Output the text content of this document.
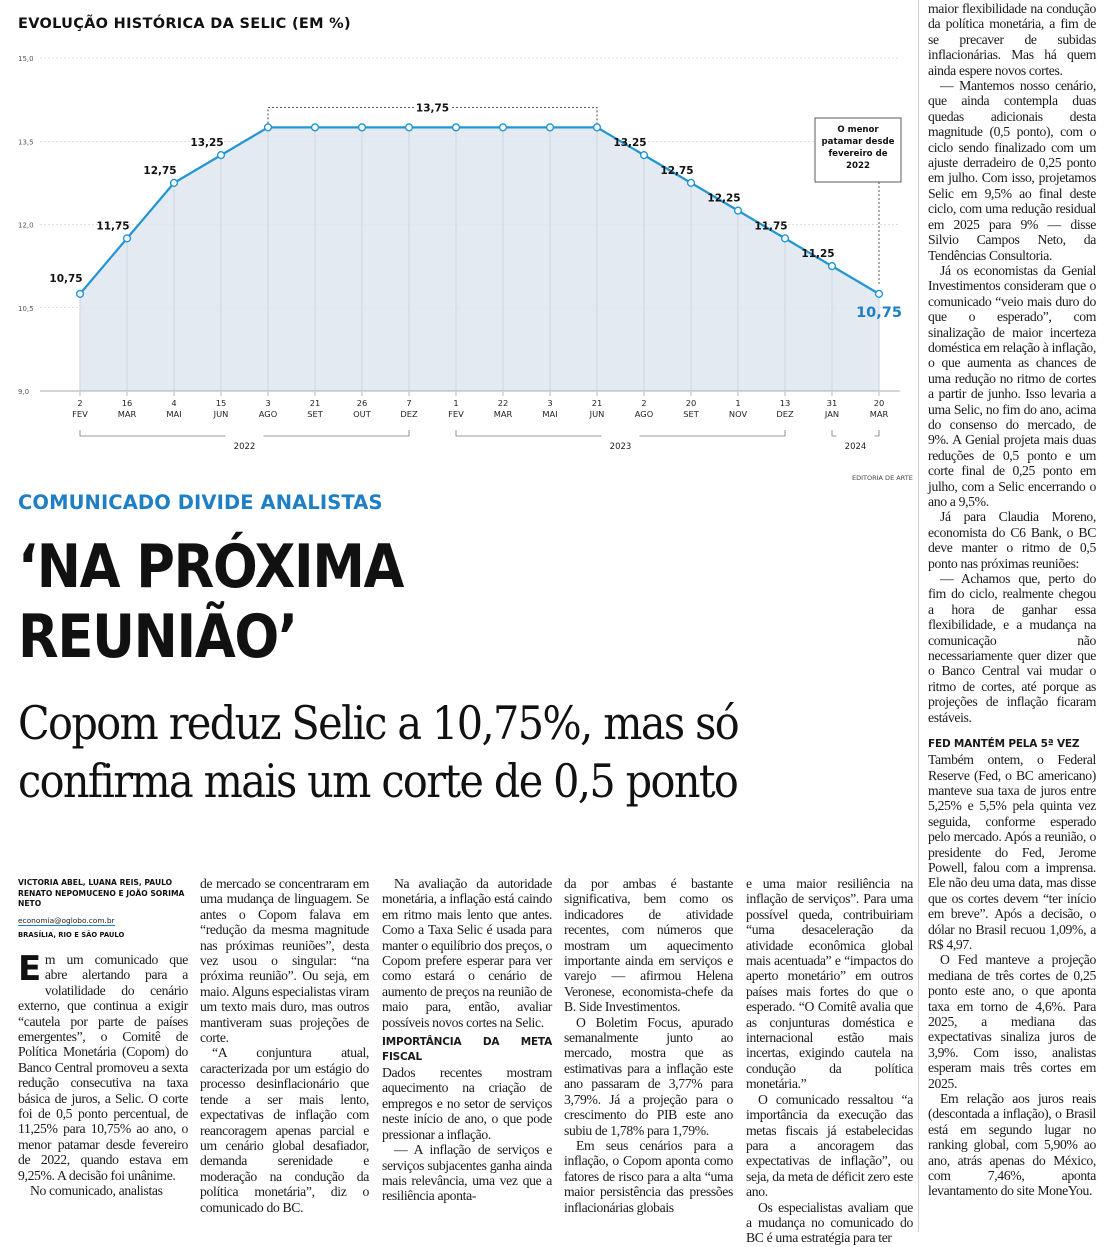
EVOLUÇÃO HISTÓRICA DA SELIC (EM %)
15,0
13,5
12,0
10,5
9,0
10,75
2
FEV
11,75
16
MAR
12,75
4
MAI
13,25
15
JUN
3
AGO
21
SET
26
OUT
7
DEZ
1
FEV
22
MAR
3
MAI
21
JUN
13,25
2
AGO
12,75
20
SET
12,25
1
NOV
11,75
13
DEZ
11,25
31
JAN
10,75
20
MAR
13,75
2022	2023	2024
O menor
patamar desde
fevereiro de
2022
EDITORIA DE ARTE
COMUNICADO DIVIDE ANALISTAS
‘NA PRÓXIMA
REUNIÃO’
Copom reduz Selic a 10,75%, mas só
confirma mais um corte de 0,5 ponto
VICTORIA ABEL, LUANA REIS, PAULO RENATO NEPOMUCENO E JOÃO SORIMA NETO
economia@oglobo.com.br
BRASÍLIA, RIO E SÃO PAULO

Em um comunicado que abre alertando para a volatilidade do cenário externo, que continua a exigir “cautela por parte de países emergentes”, o Comitê de Política Monetária (Copom) do Banco Central promoveu a sexta redução consecutiva na taxa básica de juros, a Selic. O corte foi de 0,5 ponto percentual, de 11,25% para 10,75% ao ano, o menor patamar desde fevereiro de 2022, quando estava em 9,25%. A decisão foi unânime.

No comunicado, analistas

de mercado se concentraram em uma mudança de linguagem. Se antes o Copom falava em “redução da mesma magnitude nas próximas reuniões”, desta vez usou o singular: “na próxima reunião”. Ou seja, em maio. Alguns especialistas viram um texto mais duro, mas outros mantiveram suas projeções de corte.

“A conjuntura atual, caracterizada por um estágio do processo desinflacionário que tende a ser mais lento, expectativas de inflação com reancoragem apenas parcial e um cenário global desafiador, demanda serenidade e moderação na condução da política monetária”, diz o comunicado do BC.

Na avaliação da autoridade monetária, a inflação está caindo em ritmo mais lento que antes. Como a Taxa Selic é usada para manter o equilíbrio dos preços, o Copom prefere esperar para ver como estará o cenário de aumento de preços na reunião de maio para, então, avaliar possíveis novos cortes na Selic.

IMPORTÂNCIA DA META FISCAL

Dados recentes mostram aquecimento na criação de empregos e no setor de serviços neste início de ano, o que pode pressionar a inflação.

— A inflação de serviços e serviços subjacentes ganha ainda mais relevância, uma vez que a resiliência aponta-

da por ambas é bastante significativa, bem como os indicadores de atividade recentes, com números que mostram um aquecimento importante ainda em serviços e varejo — afirmou Helena Veronese, economista-chefe da B. Side Investimentos.

O Boletim Focus, apurado semanalmente junto ao mercado, mostra que as estimativas para a inflação este ano passaram de 3,77% para 3,79%. Já a projeção para o crescimento do PIB este ano subiu de 1,78% para 1,79%.

Em seus cenários para a inflação, o Copom aponta como fatores de risco para a alta “uma maior persistência das pressões inflacionárias globais

e uma maior resiliência na inflação de serviços”. Para uma possível queda, contribuiriam “uma desaceleração da atividade econômica global mais acentuada” e “impactos do aperto monetário” em outros países mais fortes do que o esperado. “O Comitê avalia que as conjunturas doméstica e internacional estão mais incertas, exigindo cautela na condução da política monetária.”

O comunicado ressaltou “a importância da execução das metas fiscais já estabelecidas para a ancoragem das expectativas de inflação”, ou seja, da meta de déficit zero este ano.

Os especialistas avaliam que a mudança no comunicado do BC é uma estratégia para ter

maior flexibilidade na condução da política monetária, a fim de se precaver de subidas inflacionárias. Mas há quem ainda espere novos cortes.

— Mantemos nosso cenário, que ainda contempla duas quedas adicionais desta magnitude (0,5 ponto), com o ciclo sendo finalizado com um ajuste derradeiro de 0,25 ponto em julho. Com isso, projetamos Selic em 9,5% ao final deste ciclo, com uma redução residual em 2025 para 9% — disse Silvio Campos Neto, da Tendências Consultoria.

Já os economistas da Genial Investimentos consideram que o comunicado “veio mais duro do que o esperado”, com sinalização de maior incerteza doméstica em relação à inflação, o que aumenta as chances de uma redução no ritmo de cortes a partir de junho. Isso levaria a uma Selic, no fim do ano, acima do consenso do mercado, de 9%. A Genial projeta mais duas reduções de 0,5 ponto e um corte final de 0,25 ponto em julho, com a Selic encerrando o ano a 9,5%.

Já para Claudia Moreno, economista do C6 Bank, o BC deve manter o ritmo de 0,5 ponto nas próximas reuniões:

— Achamos que, perto do fim do ciclo, realmente chegou a hora de ganhar essa flexibilidade, e a mudança na comunicação não necessariamente quer dizer que o Banco Central vai mudar o ritmo de cortes, até porque as projeções de inflação ficaram estáveis.

FED MANTÉM PELA 5ª VEZ

Também ontem, o Federal Reserve (Fed, o BC americano) manteve sua taxa de juros entre 5,25% e 5,5% pela quinta vez seguida, conforme esperado pelo mercado. Após a reunião, o presidente do Fed, Jerome Powell, falou com a imprensa. Ele não deu uma data, mas disse que os cortes devem “ter início em breve”. Após a decisão, o dólar no Brasil recuou 1,09%, a R$ 4,97.

O Fed manteve a projeção mediana de três cortes de 0,25 ponto este ano, o que aponta taxa em torno de 4,6%. Para 2025, a mediana das expectativas sinaliza juros de 3,9%. Com isso, analistas esperam mais três cortes em 2025.

Em relação aos juros reais (descontada a inflação), o Brasil está em segundo lugar no ranking global, com 5,90% ao ano, atrás apenas do México, com 7,46%, aponta levantamento do site MoneYou.
